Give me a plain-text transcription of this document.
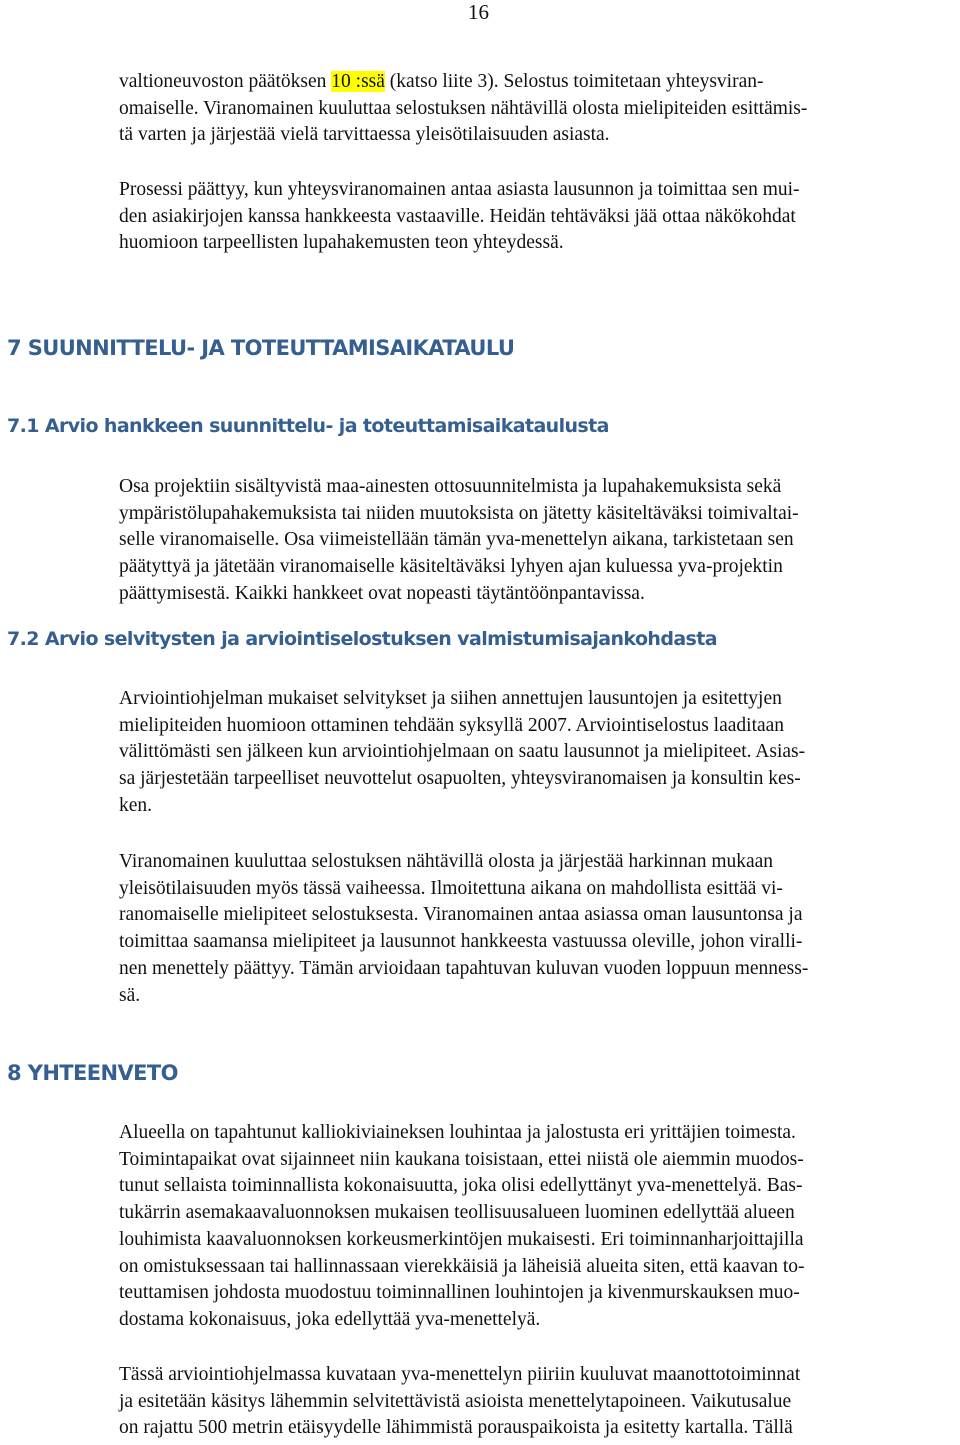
16

valtioneuvoston päätöksen 10 :ssä (katso liite 3). Selostus toimitetaan yhteysviran-
omaiselle. Viranomainen kuuluttaa selostuksen nähtävillä olosta mielipiteiden esittämis-
tä varten ja järjestää vielä tarvittaessa yleisötilaisuuden asiasta.

Prosessi päättyy, kun yhteysviranomainen antaa asiasta lausunnon ja toimittaa sen mui-
den asiakirjojen kanssa hankkeesta vastaaville. Heidän tehtäväksi jää ottaa näkökohdat
huomioon tarpeellisten lupahakemusten teon yhteydessä.

7 SUUNNITTELU- JA TOTEUTTAMISAIKATAULU
7.1 Arvio hankkeen suunnittelu- ja toteuttamisaikataulusta

Osa projektiin sisältyvistä maa-ainesten ottosuunnitelmista ja lupahakemuksista sekä
ympäristölupahakemuksista tai niiden muutoksista on jätetty käsiteltäväksi toimivaltai-
selle viranomaiselle. Osa viimeistellään tämän yva-menettelyn aikana, tarkistetaan sen
päätyttyä ja jätetään viranomaiselle käsiteltäväksi lyhyen ajan kuluessa yva-projektin
päättymisestä. Kaikki hankkeet ovat nopeasti täytäntöönpantavissa.

7.2 Arvio selvitysten ja arviointiselostuksen valmistumisajankohdasta

Arviointiohjelman mukaiset selvitykset ja siihen annettujen lausuntojen ja esitettyjen
mielipiteiden huomioon ottaminen tehdään syksyllä 2007. Arviointiselostus laaditaan
välittömästi sen jälkeen kun arviointiohjelmaan on saatu lausunnot ja mielipiteet. Asias-
sa järjestetään tarpeelliset neuvottelut osapuolten, yhteysviranomaisen ja konsultin kes-
ken.

Viranomainen kuuluttaa selostuksen nähtävillä olosta ja järjestää harkinnan mukaan
yleisötilaisuuden myös tässä vaiheessa. Ilmoitettuna aikana on mahdollista esittää vi-
ranomaiselle mielipiteet selostuksesta. Viranomainen antaa asiassa oman lausuntonsa ja
toimittaa saamansa mielipiteet ja lausunnot hankkeesta vastuussa oleville, johon viralli-
nen menettely päättyy. Tämän arvioidaan tapahtuvan kuluvan vuoden loppuun menness-
sä.

8 YHTEENVETO

Alueella on tapahtunut kalliokiviaineksen louhintaa ja jalostusta eri yrittäjien toimesta.
Toimintapaikat ovat sijainneet niin kaukana toisistaan, ettei niistä ole aiemmin muodos-
tunut sellaista toiminnallista kokonaisuutta, joka olisi edellyttänyt yva-menettelyä. Bas-
tukärrin asemakaavaluonnoksen mukaisen teollisuusalueen luominen edellyttää alueen
louhimista kaavaluonnoksen korkeusmerkintöjen mukaisesti. Eri toiminnanharjoittajilla
on omistuksessaan tai hallinnassaan vierekkäisiä ja läheisiä alueita siten, että kaavan to-
teuttamisen johdosta muodostuu toiminnallinen louhintojen ja kivenmurskauksen muo-
dostama kokonaisuus, joka edellyttää yva-menettelyä.

Tässä arviointiohjelmassa kuvataan yva-menettelyn piiriin kuuluvat maanottotoiminnat
ja esitetään käsitys lähemmin selvitettävistä asioista menettelytapoineen. Vaikutusalue
on rajattu 500 metrin etäisyydelle lähimmistä porauspaikoista ja esitetty kartalla. Tällä
